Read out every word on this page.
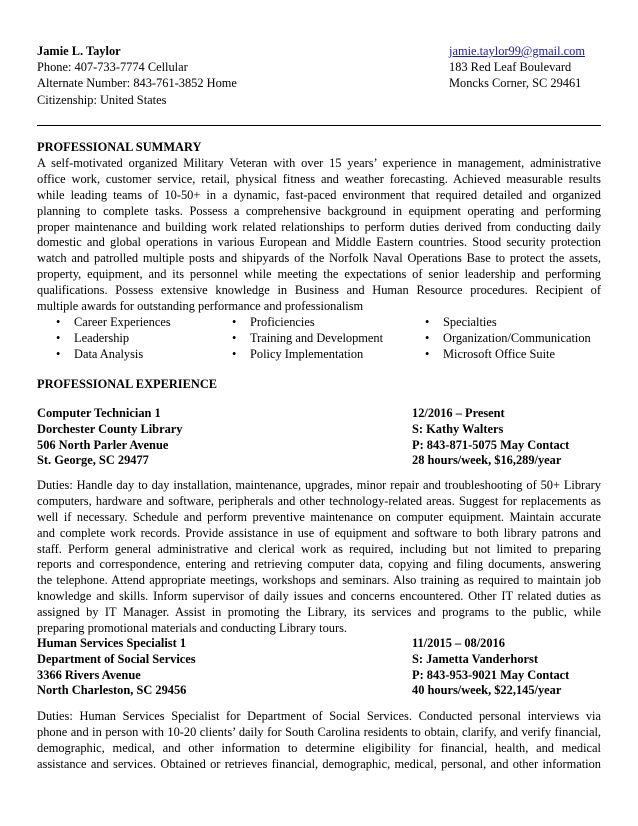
Jamie L. Taylor
Phone: 407-733-7774 Cellular
Alternate Number: 843-761-3852 Home
Citizenship: United States
jamie.taylor99@gmail.com
183 Red Leaf Boulevard
Moncks Corner, SC 29461
PROFESSIONAL SUMMARY
A self-motivated organized Military Veteran with over 15 years’ experience in management, administrative
office work, customer service, retail, physical fitness and weather forecasting. Achieved measurable results
while leading teams of 10-50+ in a dynamic, fast-paced environment that required detailed and organized
planning to complete tasks. Possess a comprehensive background in equipment operating and performing
proper maintenance and building work related relationships to perform duties derived from conducting daily
domestic and global operations in various European and Middle Eastern countries. Stood security protection
watch and patrolled multiple posts and shipyards of the Norfolk Naval Operations Base to protect the assets,
property, equipment, and its personnel while meeting the expectations of senior leadership and performing
qualifications. Possess extensive knowledge in Business and Human Resource procedures. Recipient of
multiple awards for outstanding performance and professionalism
• Career Experiences
• Leadership
• Data Analysis
• Proficiencies
• Training and Development
• Policy Implementation
• Specialties
• Organization/Communication
• Microsoft Office Suite
PROFESSIONAL EXPERIENCE
Computer Technician 1	12/2016 – Present
Dorchester County Library	S: Kathy Walters
506 North Parler Avenue	P: 843-871-5075 May Contact
St. George, SC 29477	28 hours/week, $16,289/year
Duties: Handle day to day installation, maintenance, upgrades, minor repair and troubleshooting of 50+ Library
computers, hardware and software, peripherals and other technology-related areas. Suggest for replacements as
well if necessary. Schedule and perform preventive maintenance on computer equipment. Maintain accurate
and complete work records. Provide assistance in use of equipment and software to both library patrons and
staff. Perform general administrative and clerical work as required, including but not limited to preparing
reports and correspondence, entering and retrieving computer data, copying and filing documents, answering
the telephone. Attend appropriate meetings, workshops and seminars. Also training as required to maintain job
knowledge and skills. Inform supervisor of daily issues and concerns encountered. Other IT related duties as
assigned by IT Manager. Assist in promoting the Library, its services and programs to the public, while
preparing promotional materials and conducting Library tours.
Human Services Specialist 1	11/2015 – 08/2016
Department of Social Services	S: Jametta Vanderhorst
3366 Rivers Avenue	P: 843-953-9021 May Contact
North Charleston, SC 29456	40 hours/week, $22,145/year
Duties: Human Services Specialist for Department of Social Services. Conducted personal interviews via
phone and in person with 10-20 clients’ daily for South Carolina residents to obtain, clarify, and verify financial,
demographic, medical, and other information to determine eligibility for financial, health, and medical
assistance and services. Obtained or retrieves financial, demographic, medical, personal, and other information
